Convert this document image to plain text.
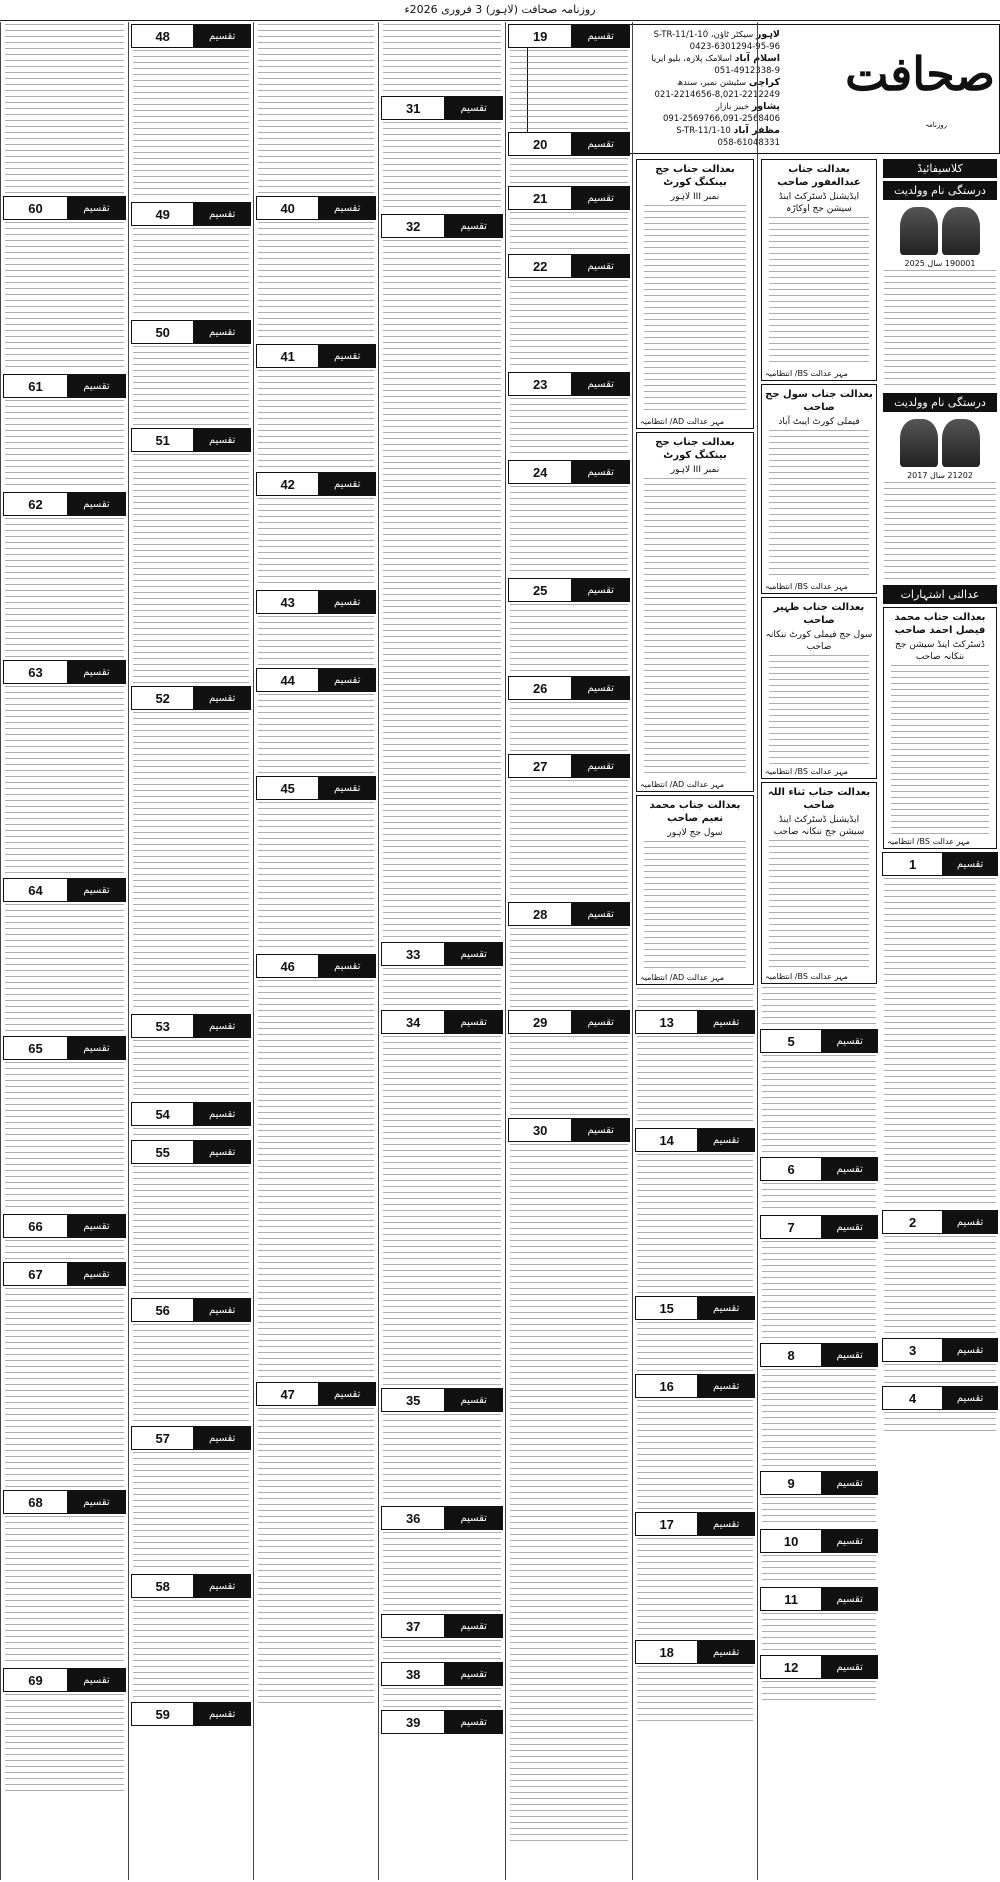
روزنامہ صحافت (لاہور) 3 فروری 2026ء
صحافت
روزنامہ
لاہور سیکٹر ٹاؤن، 10-S-TR-11/1
0423-6301294-95-96
اسلام آباد اسلامک پلازہ، بلیو ایریا
051-4912338-9
کراچی سٹیشن نمبر، سندھ
021-2214656-8,021-2212249
پشاور خیبر بازار
091-2569766,091-2568406
مظفر آباد 10-S-TR-11/1
058-61048331
کلاسیفائیڈ
درستگی نام وولدیت
190001 سال 2025
درستگی نام وولدیت
21202 سال 2017
عدالتی اشتہارات
بعدالت جناب محمد فیصل احمد صاحب
ڈسٹرکٹ اینڈ سیشن جج ننکانہ صاحب
مہر عدالت BS/ انتظامیہ
1	تقسیم
2	تقسیم
3	تقسیم
4	تقسیم
بعدالت جناب عبدالغفور صاحب
ایڈیشنل ڈسٹرکٹ اینڈ سیشن جج اوکاڑہ
مہر عدالت BS/ انتظامیہ
بعدالت جناب سول جج صاحب
فیملی کورٹ ایبٹ آباد
مہر عدالت BS/ انتظامیہ
بعدالت جناب ظہیر صاحب
سول جج فیملی کورٹ ننکانہ صاحب
مہر عدالت BS/ انتظامیہ
بعدالت جناب ثناء اللہ صاحب
ایڈیشنل ڈسٹرکٹ اینڈ سیشن جج ننکانہ صاحب
مہر عدالت BS/ انتظامیہ
5	تقسیم
6	تقسیم
7	تقسیم
8	تقسیم
9	تقسیم
10	تقسیم
11	تقسیم
12	تقسیم
بعدالت جناب جج بینکنگ کورٹ
نمبر III لاہور
مہر عدالت AD/ انتظامیہ
بعدالت جناب جج بینکنگ کورٹ
نمبر III لاہور
مہر عدالت AD/ انتظامیہ
بعدالت جناب محمد نعیم صاحب
سول جج لاہور
مہر عدالت AD/ انتظامیہ
13	تقسیم
14	تقسیم
15	تقسیم
16	تقسیم
17	تقسیم
18	تقسیم
19	تقسیم
20	تقسیم
21	تقسیم
22	تقسیم
23	تقسیم
24	تقسیم
25	تقسیم
26	تقسیم
27	تقسیم
28	تقسیم
29	تقسیم
30	تقسیم
31	تقسیم
32	تقسیم
33	تقسیم
34	تقسیم
35	تقسیم
36	تقسیم
37	تقسیم
38	تقسیم
39	تقسیم
40	تقسیم
41	تقسیم
42	تقسیم
43	تقسیم
44	تقسیم
45	تقسیم
46	تقسیم
47	تقسیم
48	تقسیم
49	تقسیم
50	تقسیم
51	تقسیم
52	تقسیم
53	تقسیم
54	تقسیم
55	تقسیم
56	تقسیم
57	تقسیم
58	تقسیم
59	تقسیم
60	تقسیم
61	تقسیم
62	تقسیم
63	تقسیم
64	تقسیم
65	تقسیم
66	تقسیم
67	تقسیم
68	تقسیم
69	تقسیم
